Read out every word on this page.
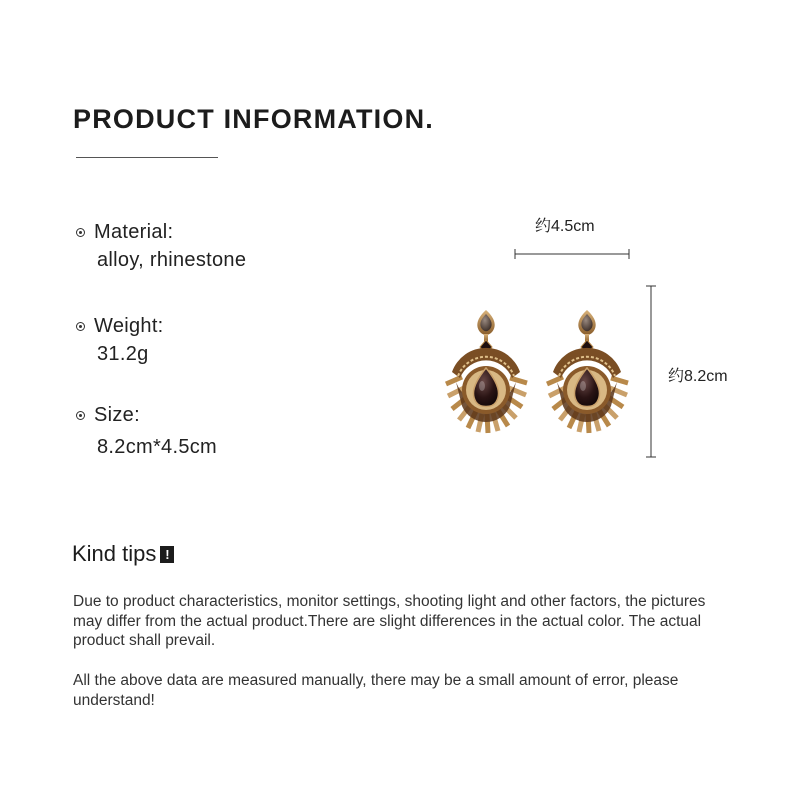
PRODUCT INFORMATION.
Material:
alloy, rhinestone
Weight:
31.2g
Size:
8.2cm*4.5cm
约4.5cm
约8.2cm
Kind tips !
Due to product characteristics, monitor settings, shooting light and other factors, the pictures may differ from the actual product.There are slight differences in the actual color. The actual product shall prevail.
All the above data are measured manually, there may be a small amount of error, please understand!
